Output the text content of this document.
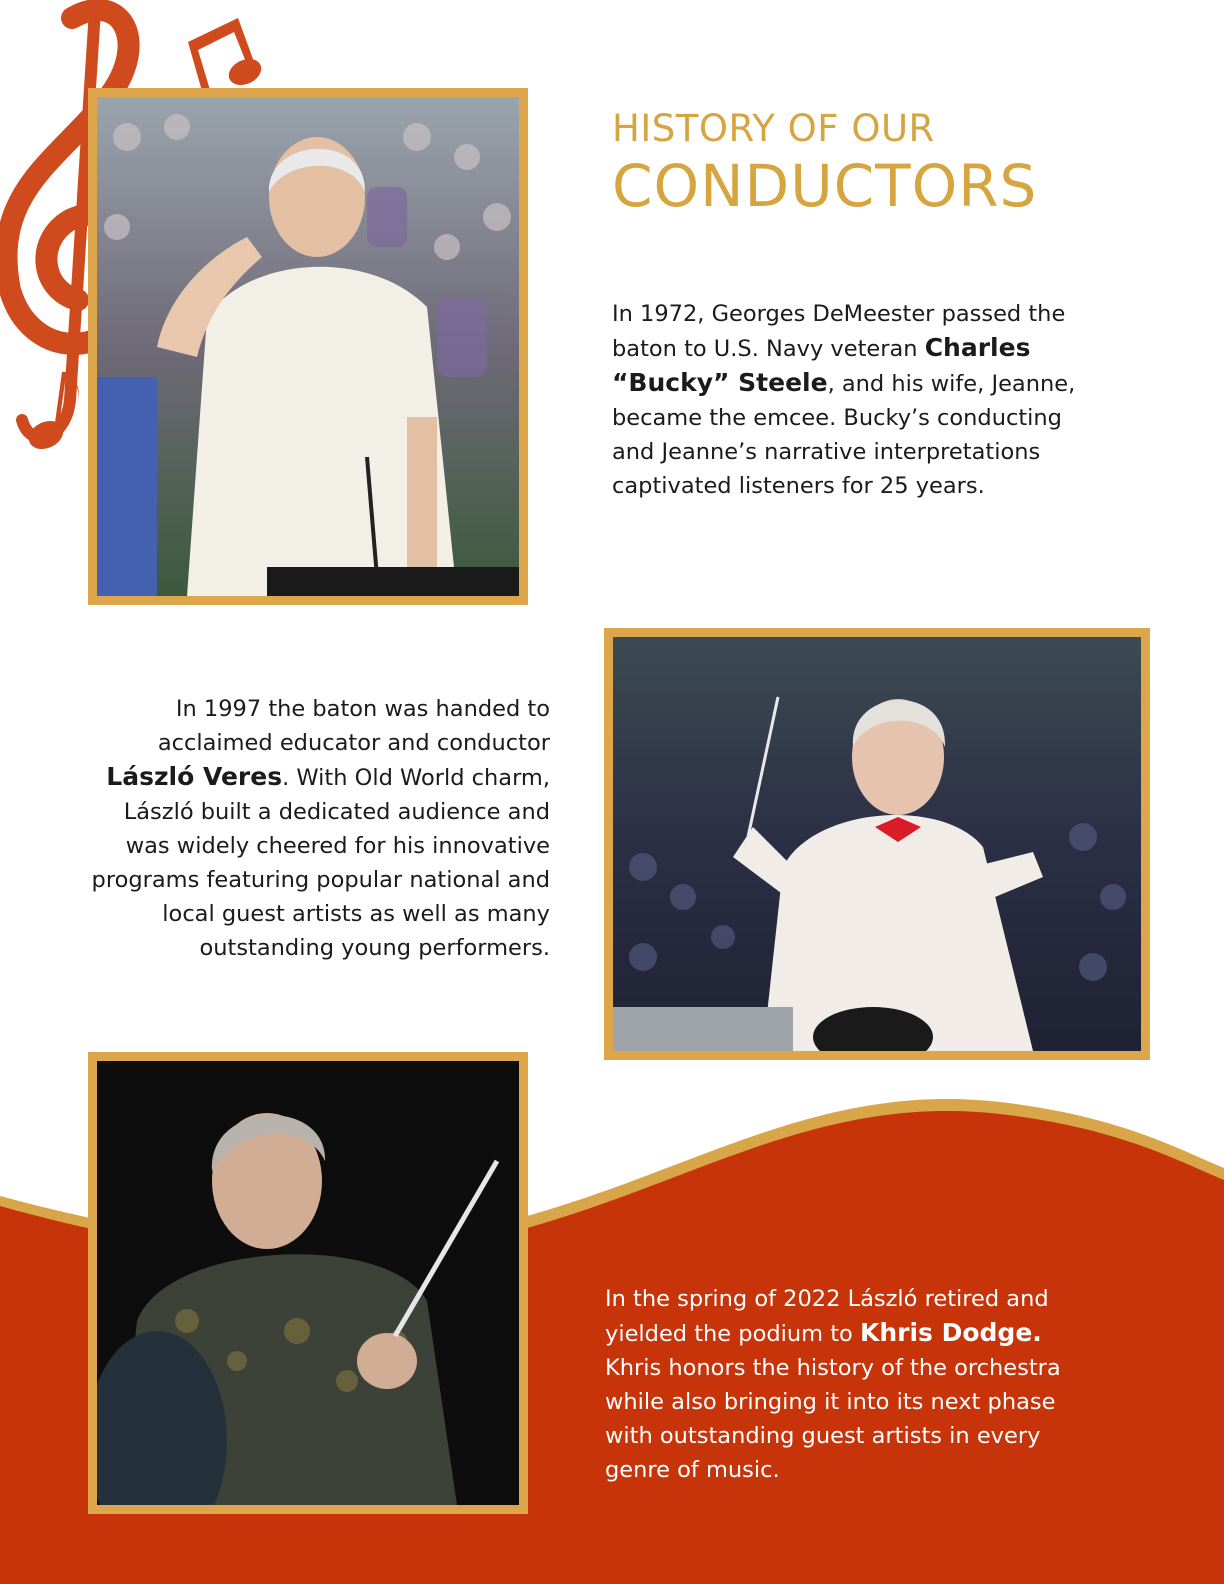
HISTORY OF OUR
CONDUCTORS

In 1972, Georges DeMeester passed the baton to U.S. Navy veteran Charles “Bucky” Steele, and his wife, Jeanne, became the emcee. Bucky’s conducting and Jeanne’s narrative interpretations captivated listeners for 25 years.

In 1997 the baton was handed to acclaimed educator and conductor László Veres. With Old World charm, László built a dedicated audience and was widely cheered for his innovative programs featuring popular national and local guest artists as well as many outstanding young performers.

In the spring of 2022 László retired and yielded the podium to Khris Dodge. Khris honors the history of the orchestra while also bringing it into its next phase with outstanding guest artists in every genre of music.
